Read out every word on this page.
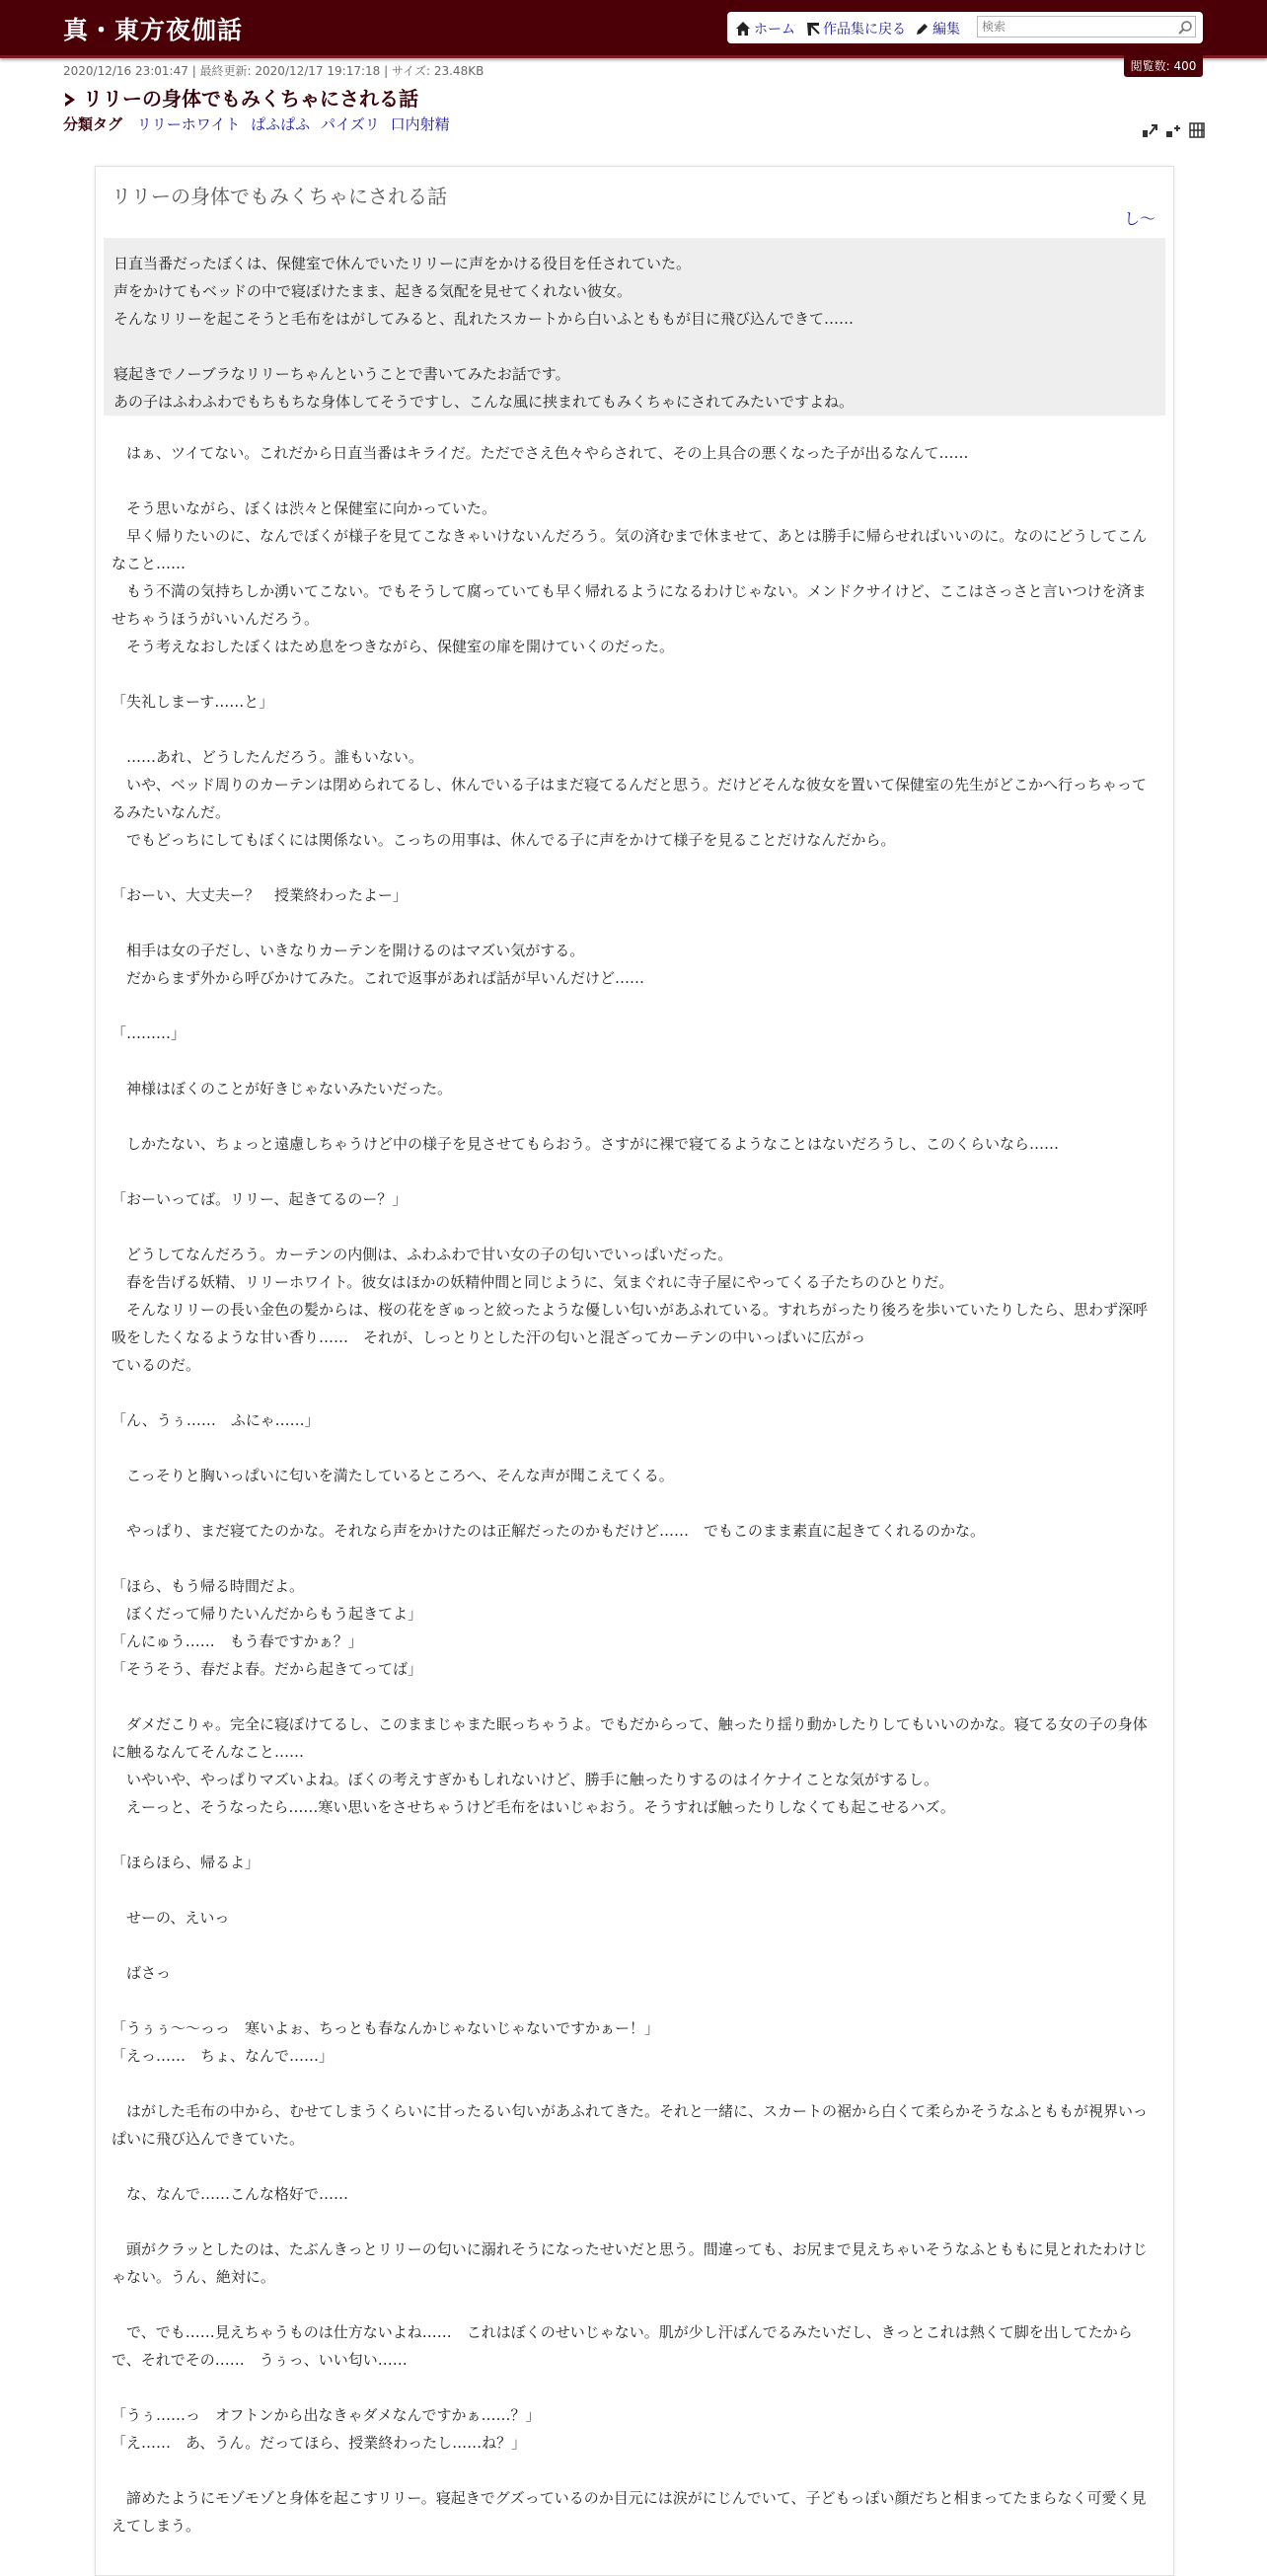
真・東方夜伽話	ホーム	作品集に戻る	編集
検索
閲覧数: 400
2020/12/16 23:01:47 | 最終更新: 2020/12/17 19:17:18 | サイズ: 23.48KB
リリーの身体でもみくちゃにされる話
分類タグ リリーホワイト ぱふぱふ パイズリ 口内射精

リリーの身体でもみくちゃにされる話
し～

日直当番だったぼくは、保健室で休んでいたリリーに声をかける役目を任されていた。

声をかけてもベッドの中で寝ぼけたまま、起きる気配を見せてくれない彼女。

そんなリリーを起こそうと毛布をはがしてみると、乱れたスカートから白いふとももが目に飛び込んできて……

寝起きでノーブラなリリーちゃんということで書いてみたお話です。

あの子はふわふわでもちもちな身体してそうですし、こんな風に挟まれてもみくちゃにされてみたいですよね。

　はぁ、ツイてない。これだから日直当番はキライだ。ただでさえ色々やらされて、その上具合の悪くなった子が出るなんて……

　そう思いながら、ぼくは渋々と保健室に向かっていた。

　早く帰りたいのに、なんでぼくが様子を見てこなきゃいけないんだろう。気の済むまで休ませて、あとは勝手に帰らせればいいのに。なのにどうしてこんなこと……

　もう不満の気持ちしか湧いてこない。でもそうして腐っていても早く帰れるようになるわけじゃない。メンドクサイけど、ここはさっさと言いつけを済ませちゃうほうがいいんだろう。

　そう考えなおしたぼくはため息をつきながら、保健室の扉を開けていくのだった。

「失礼しまーす……と」

　……あれ、どうしたんだろう。誰もいない。

　いや、ベッド周りのカーテンは閉められてるし、休んでいる子はまだ寝てるんだと思う。だけどそんな彼女を置いて保健室の先生がどこかへ行っちゃってるみたいなんだ。

　でもどっちにしてもぼくには関係ない。こっちの用事は、休んでる子に声をかけて様子を見ることだけなんだから。

「おーい、大丈夫ー？　授業終わったよー」

　相手は女の子だし、いきなりカーテンを開けるのはマズい気がする。

　だからまず外から呼びかけてみた。これで返事があれば話が早いんだけど……

「………」

　神様はぼくのことが好きじゃないみたいだった。

　しかたない、ちょっと遠慮しちゃうけど中の様子を見させてもらおう。さすがに裸で寝てるようなことはないだろうし、このくらいなら……

「おーいってば。リリー、起きてるのー？」

　どうしてなんだろう。カーテンの内側は、ふわふわで甘い女の子の匂いでいっぱいだった。

　春を告げる妖精、リリーホワイト。彼女はほかの妖精仲間と同じように、気まぐれに寺子屋にやってくる子たちのひとりだ。

　そんなリリーの長い金色の髪からは、桜の花をぎゅっと絞ったような優しい匂いがあふれている。すれちがったり後ろを歩いていたりしたら、思わず深呼吸をしたくなるような甘い香り……　それが、しっとりとした汗の匂いと混ざってカーテンの中いっぱいに広がっ

ているのだ。

「ん、うぅ……　ふにゃ……」

　こっそりと胸いっぱいに匂いを満たしているところへ、そんな声が聞こえてくる。

　やっぱり、まだ寝てたのかな。それなら声をかけたのは正解だったのかもだけど……　でもこのまま素直に起きてくれるのかな。

「ほら、もう帰る時間だよ。

　ぼくだって帰りたいんだからもう起きてよ」

「んにゅう……　もう春ですかぁ？」

「そうそう、春だよ春。だから起きてってば」

　ダメだこりゃ。完全に寝ぼけてるし、このままじゃまた眠っちゃうよ。でもだからって、触ったり揺り動かしたりしてもいいのかな。寝てる女の子の身体に触るなんてそんなこと……

　いやいや、やっぱりマズいよね。ぼくの考えすぎかもしれないけど、勝手に触ったりするのはイケナイことな気がするし。

　えーっと、そうなったら……寒い思いをさせちゃうけど毛布をはいじゃおう。そうすれば触ったりしなくても起こせるハズ。

「ほらほら、帰るよ」

　せーの、えいっ

　ばさっ

「うぅぅ～～っっ　寒いよぉ、ちっとも春なんかじゃないじゃないですかぁー！」

「えっ……　ちょ、なんで……」

　はがした毛布の中から、むせてしまうくらいに甘ったるい匂いがあふれてきた。それと一緒に、スカートの裾から白くて柔らかそうなふとももが視界いっぱいに飛び込んできていた。

　な、なんで……こんな格好で……

　頭がクラッとしたのは、たぶんきっとリリーの匂いに溺れそうになったせいだと思う。間違っても、お尻まで見えちゃいそうなふとももに見とれたわけじゃない。うん、絶対に。

　で、でも……見えちゃうものは仕方ないよね……　これはぼくのせいじゃない。肌が少し汗ばんでるみたいだし、きっとこれは熱くて脚を出してたからで、それでその……　うぅっ、いい匂い……

「うぅ……っ　オフトンから出なきゃダメなんですかぁ……？」

「え……　あ、うん。だってほら、授業終わったし……ね？」

　諦めたようにモゾモゾと身体を起こすリリー。寝起きでグズっているのか目元には涙がにじんでいて、子どもっぽい顔だちと相まってたまらなく可愛く見えてしまう。
